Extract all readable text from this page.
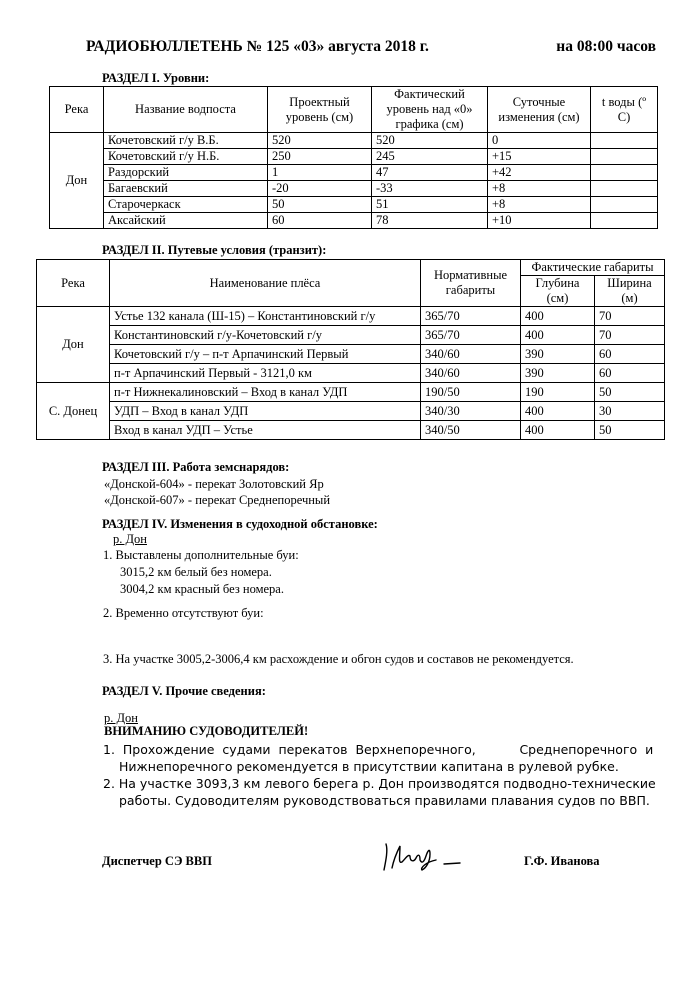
РАДИОБЮЛЛЕТЕНЬ № 125 «03» августа 2018 г.	на 08:00 часов
РАЗДЕЛ I. Уровни:
Река	Название водпоста	Проектный уровень (см)	Фактический уровень над «0» графика (см)	Суточные изменения (см)	t воды (º C)
Дон	Кочетовский г/у В.Б.	520	520	0	
	Кочетовский г/у Н.Б.	250	245	+15	
	Раздорский	1	47	+42	
	Багаевский	-20	-33	+8	
	Старочеркаск	50	51	+8	
	Аксайский	60	78	+10	
РАЗДЕЛ II. Путевые условия (транзит):
Река	Наименование плёса	Нормативные габариты	Фактические габариты	
			Глубина (см)	Ширина (м)
Дон	Устье 132 канала (Ш-15) – Константиновский г/у	365/70	400	70
	Константиновский г/у-Кочетовский г/у	365/70	400	70
	Кочетовский г/у – п-т Арпачинский Первый	340/60	390	60
	п-т Арпачинский Первый - 3121,0 км	340/60	390	60
С. Донец	п-т Нижнекалиновский – Вход в канал УДП	190/50	190	50
	УДП – Вход в канал УДП	340/30	400	30
	Вход в канал УДП – Устье	340/50	400	50
РАЗДЕЛ III. Работа земснарядов:
«Донской-604» - перекат Золотовский Яр
«Донской-607» - перекат Среднепоречный
РАЗДЕЛ IV. Изменения в судоходной обстановке:
р. Дон
1. Выставлены дополнительные буи:
3015,2 км белый без номера.
3004,2 км красный без номера.
2. Временно отсутствуют буи:
3. На участке 3005,2-3006,4 км расхождение и обгон судов и составов не рекомендуется.
РАЗДЕЛ V. Прочие сведения:
р. Дон
ВНИМАНИЮ СУДОВОДИТЕЛЕЙ!
1.  Прохождение  судами  перекатов  Верхнепоречного,           Среднепоречного  и
Нижнепоречного рекомендуется в присутствии капитана в рулевой рубке.
2. На участке 3093,3 км левого берега р. Дон производятся подводно-технические
работы. Судоводителям руководствоваться правилами плавания судов по ВВП.
Диспетчер СЭ ВВП	Г.Ф. Иванова
